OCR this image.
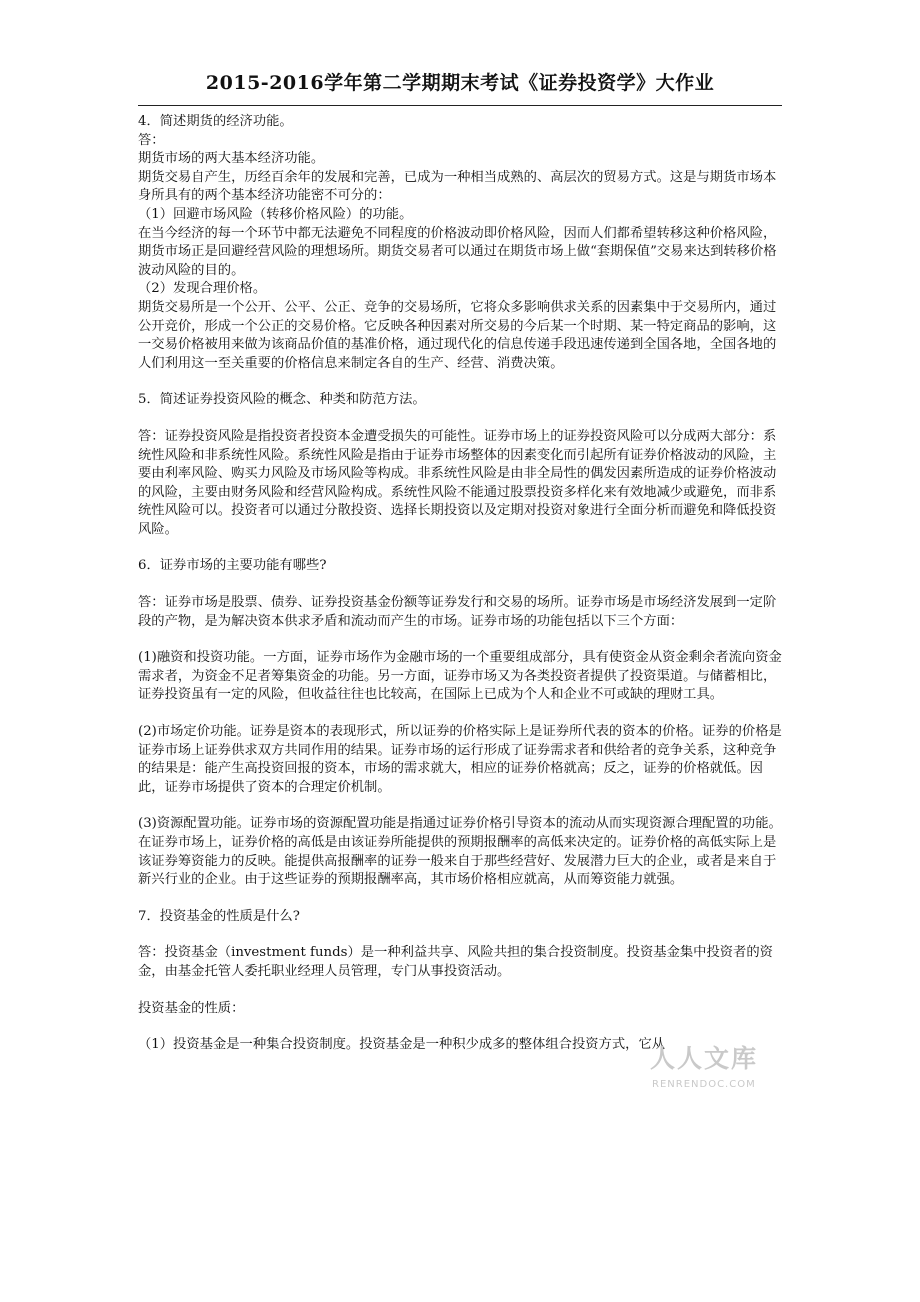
2015-2016学年第二学期期末考试《证券投资学》大作业

4．简述期货的经济功能。

答：

期货市场的两大基本经济功能。

期货交易自产生，历经百余年的发展和完善，已成为一种相当成熟的、高层次的贸易方式。这是与期货市场本身所具有的两个基本经济功能密不可分的：

（1）回避市场风险（转移价格风险）的功能。

在当今经济的每一个环节中都无法避免不同程度的价格波动即价格风险，因而人们都希望转移这种价格风险，期货市场正是回避经营风险的理想场所。期货交易者可以通过在期货市场上做“套期保值”交易来达到转移价格波动风险的目的。

（2）发现合理价格。

期货交易所是一个公开、公平、公正、竞争的交易场所，它将众多影响供求关系的因素集中于交易所内，通过公开竞价，形成一个公正的交易价格。它反映各种因素对所交易的今后某一个时期、某一特定商品的影响，这一交易价格被用来做为该商品价值的基准价格，通过现代化的信息传递手段迅速传递到全国各地，全国各地的人们利用这一至关重要的价格信息来制定各自的生产、经营、消费决策。

5．简述证券投资风险的概念、种类和防范方法。

答：证券投资风险是指投资者投资本金遭受损失的可能性。证券市场上的证券投资风险可以分成两大部分：系统性风险和非系统性风险。系统性风险是指由于证券市场整体的因素变化而引起所有证券价格波动的风险，主要由利率风险、购买力风险及市场风险等构成。非系统性风险是由非全局性的偶发因素所造成的证券价格波动的风险，主要由财务风险和经营风险构成。系统性风险不能通过股票投资多样化来有效地减少或避免，而非系统性风险可以。投资者可以通过分散投资、选择长期投资以及定期对投资对象进行全面分析而避免和降低投资风险。

6．证券市场的主要功能有哪些?

答：证券市场是股票、债券、证券投资基金份额等证券发行和交易的场所。证券市场是市场经济发展到一定阶段的产物，是为解决资本供求矛盾和流动而产生的市场。证券市场的功能包括以下三个方面：

(1)融资和投资功能。一方面，证券市场作为金融市场的一个重要组成部分，具有使资金从资金剩余者流向资金需求者，为资金不足者筹集资金的功能。另一方面，证券市场又为各类投资者提供了投资渠道。与储蓄相比，证券投资虽有一定的风险，但收益往往也比较高，在国际上已成为个人和企业不可或缺的理财工具。

(2)市场定价功能。证券是资本的表现形式，所以证券的价格实际上是证券所代表的资本的价格。证券的价格是证券市场上证券供求双方共同作用的结果。证券市场的运行形成了证券需求者和供给者的竞争关系，这种竞争的结果是：能产生高投资回报的资本，市场的需求就大，相应的证券价格就高；反之，证券的价格就低。因此，证券市场提供了资本的合理定价机制。

(3)资源配置功能。证券市场的资源配置功能是指通过证券价格引导资本的流动从而实现资源合理配置的功能。在证券市场上，证券价格的高低是由该证券所能提供的预期报酬率的高低来决定的。证券价格的高低实际上是该证券筹资能力的反映。能提供高报酬率的证券一般来自于那些经营好、发展潜力巨大的企业，或者是来自于新兴行业的企业。由于这些证券的预期报酬率高，其市场价格相应就高，从而筹资能力就强。

7．投资基金的性质是什么?

答：投资基金（investment funds）是一种利益共享、风险共担的集合投资制度。投资基金集中投资者的资金，由基金托管人委托职业经理人员管理，专门从事投资活动。

投资基金的性质：

（1）投资基金是一种集合投资制度。投资基金是一种积少成多的整体组合投资方式，它从

人人文库
RENRENDOC.COM
